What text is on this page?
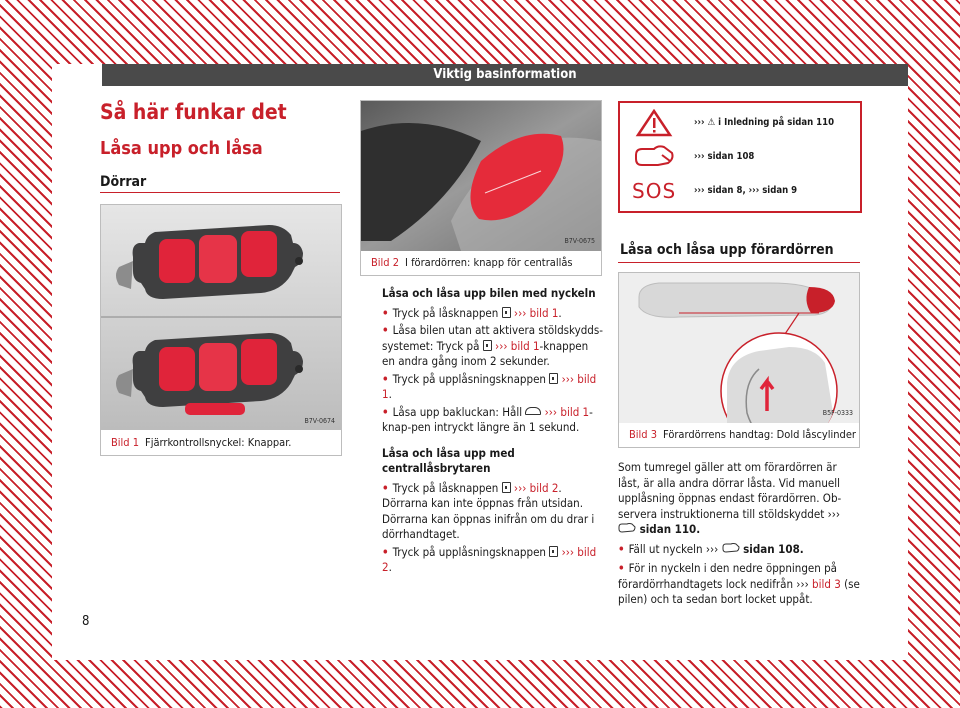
Viktig basinformation
Så här funkar det
Låsa upp och låsa
Dörrar
B7V-0674
Bild 1 Fjärrkontrollsnyckel: Knappar.
B7V-0675
Bild 2 I förardörren: knapp för centrallås

Låsa och låsa upp bilen med nyckeln

• Tryck på låsknappen  ››› bild 1.

• Låsa bilen utan att aktivera stöldskydds-systemet: Tryck på  ››› bild 1-knappen en andra gång inom 2 sekunder.

• Tryck på upplåsningsknappen  ››› bild 1.

• Låsa upp bakluckan: Håll  ››› bild 1-knap-pen intryckt längre än 1 sekund.

Låsa och låsa upp med centrallåsbrytaren

• Tryck på låsknappen  ››› bild 2. Dörrarna kan inte öppnas från utsidan. Dörrarna kan öppnas inifrån om du drar i dörrhandtaget.

• Tryck på upplåsningsknappen  ››› bild 2.

››› ⚠ i Inledning på sidan 110
››› sidan 108
SOS ››› sidan 8, ››› sidan 9
Låsa och låsa upp förardörren
B5F-0333
Bild 3 Förardörrens handtag: Dold låscylinder

Som tumregel gäller att om förardörren är låst, är alla andra dörrar låsta. Vid manuell upplåsning öppnas endast förardörren. Ob-servera instruktionerna till stöldskyddet ›››  sidan 110.

• Fäll ut nyckeln ›››  sidan 108.

• För in nyckeln i den nedre öppningen på förardörrhandtagets lock nedifrån ››› bild 3 (se pilen) och ta sedan bort locket uppåt.

8
